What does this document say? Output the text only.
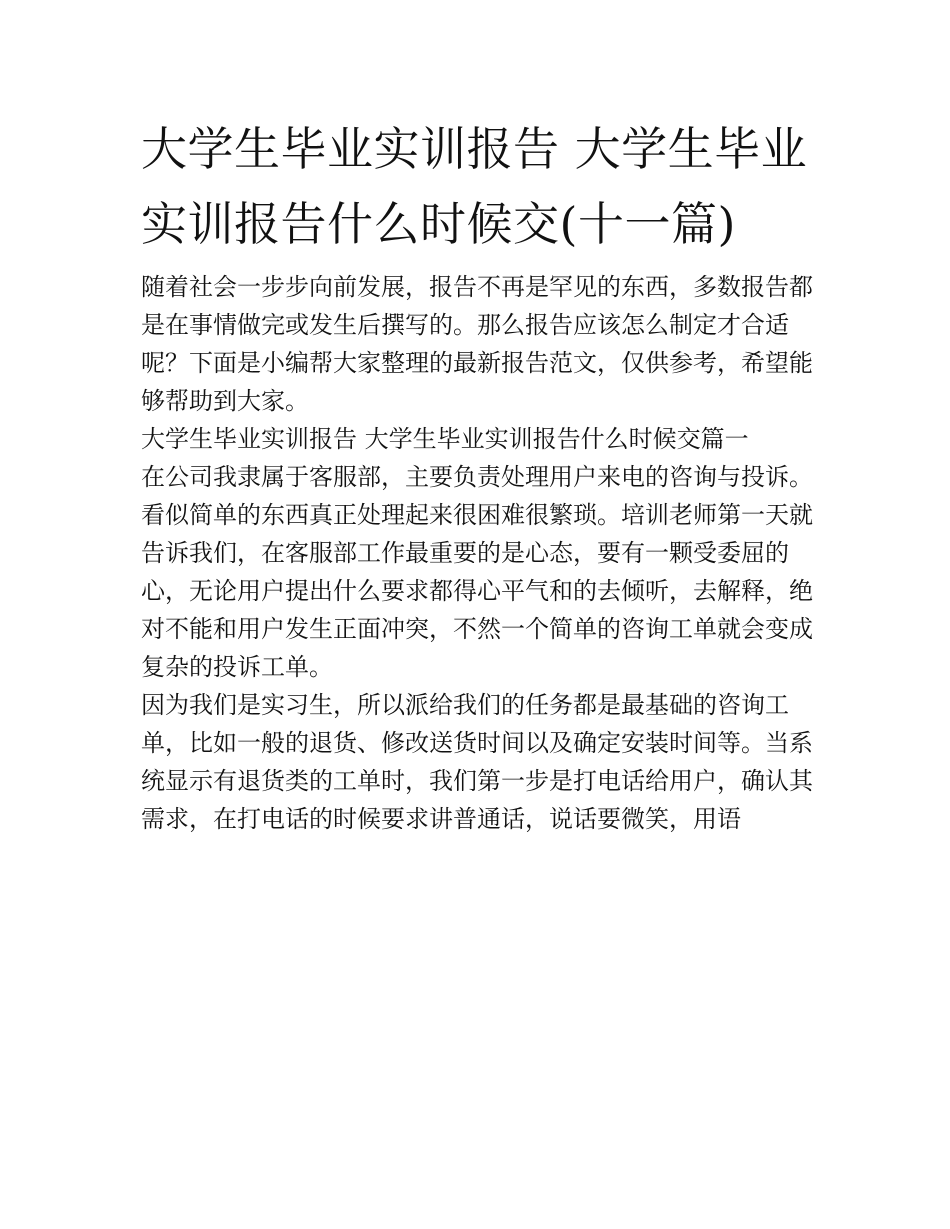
大学生毕业实训报告 大学生毕业实训报告什么时候交(十一篇)

随着社会一步步向前发展，报告不再是罕见的东西，多数报告都是在事情做完或发生后撰写的。那么报告应该怎么制定才合适呢？下面是小编帮大家整理的最新报告范文，仅供参考，希望能够帮助到大家。

大学生毕业实训报告 大学生毕业实训报告什么时候交篇一

在公司我隶属于客服部，主要负责处理用户来电的咨询与投诉。看似简单的东西真正处理起来很困难很繁琐。培训老师第一天就告诉我们，在客服部工作最重要的是心态，要有一颗受委屈的心，无论用户提出什么要求都得心平气和的去倾听，去解释，绝对不能和用户发生正面冲突，不然一个简单的咨询工单就会变成复杂的投诉工单。

因为我们是实习生，所以派给我们的任务都是最基础的咨询工单，比如一般的退货、修改送货时间以及确定安装时间等。当系统显示有退货类的工单时，我们第一步是打电话给用户，确认其需求，在打电话的时候要求讲普通话，说话要微笑，用语
